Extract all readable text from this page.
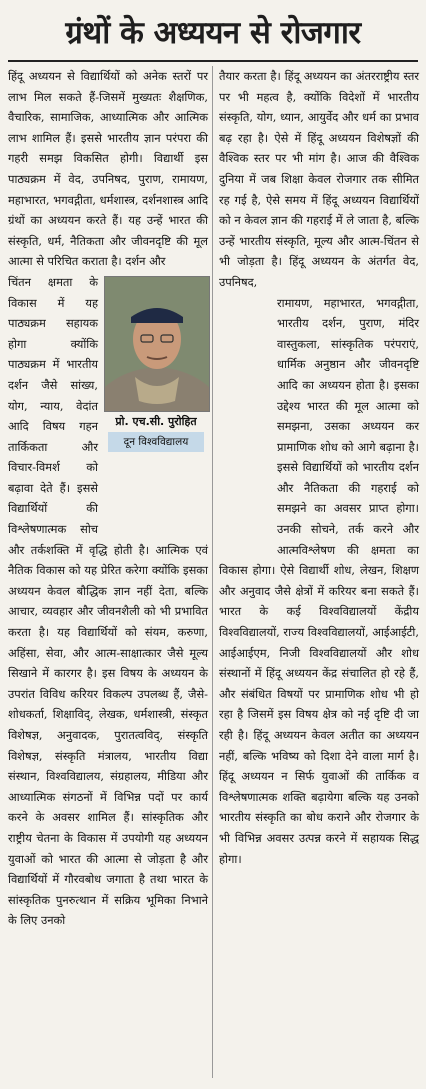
ग्रंथों के अध्ययन से रोजगार

हिंदू अध्ययन से विद्यार्थियों को अनेक स्तरों पर लाभ मिल सकते हैं-जिसमें मुख्यतः शैक्षणिक, वैचारिक, सामाजिक, आध्यात्मिक और आत्मिक लाभ शामिल हैं। इससे भारतीय ज्ञान परंपरा की गहरी समझ विकसित होगी। विद्यार्थी इस पाठ्यक्रम में वेद, उपनिषद, पुराण, रामायण, महाभारत, भगवद्गीता, धर्मशास्त्र, दर्शनशास्त्र आदि ग्रंथों का अध्ययन करते हैं। यह उन्हें भारत की संस्कृति, धर्म, नैतिकता और जीवनदृष्टि की मूल आत्मा से परिचित कराता है। दर्शन और

प्रो. एच.सी. पुरोहित
दून विश्वविद्यालय

चिंतन क्षमता के विकास में यह पाठ्यक्रम सहायक होगा क्योंकि पाठ्यक्रम में भारतीय दर्शन जैसे सांख्य, योग, न्याय, वेदांत आदि विषय गहन तार्किकता और विचार-विमर्श को बढ़ावा देते हैं। इससे विद्यार्थियों की विश्लेषणात्मक सोच और तर्कशक्ति में वृद्धि होती है। आत्मिक एवं नैतिक विकास को यह प्रेरित करेगा क्योंकि इसका अध्ययन केवल बौद्धिक ज्ञान नहीं देता, बल्कि आचार, व्यवहार और जीवनशैली को भी प्रभावित करता है। यह विद्यार्थियों को संयम, करुणा, अहिंसा, सेवा, और आत्म-साक्षात्कार जैसे मूल्य सिखाने में कारगर है। इस विषय के अध्ययन के उपरांत विविध करियर विकल्प उपलब्ध हैं, जैसे-शोधकर्ता, शिक्षाविद्, लेखक, धर्मशास्त्री, संस्कृत विशेषज्ञ, अनुवादक, पुरातत्वविद्, संस्कृति विशेषज्ञ, संस्कृति मंत्रालय, भारतीय विद्या संस्थान, विश्वविद्यालय, संग्रहालय, मीडिया और आध्यात्मिक संगठनों में विभिन्न पदों पर कार्य करने के अवसर शामिल हैं। सांस्कृतिक और राष्ट्रीय चेतना के विकास में उपयोगी यह अध्ययन युवाओं को भारत की आत्मा से जोड़ता है और विद्यार्थियों में गौरवबोध जगाता है तथा भारत के सांस्कृतिक पुनरुत्थान में सक्रिय भूमिका निभाने के लिए उनको

तैयार करता है। हिंदू अध्ययन का अंतरराष्ट्रीय स्तर पर भी महत्व है, क्योंकि विदेशों में भारतीय संस्कृति, योग, ध्यान, आयुर्वेद और धर्म का प्रभाव बढ़ रहा है। ऐसे में हिंदू अध्ययन विशेषज्ञों की वैश्विक स्तर पर भी मांग है। आज की वैश्विक दुनिया में जब शिक्षा केवल रोजगार तक सीमित रह गई है, ऐसे समय में हिंदू अध्ययन विद्यार्थियों को न केवल ज्ञान की गहराई में ले जाता है, बल्कि उन्हें भारतीय संस्कृति, मूल्य और आत्म-चिंतन से भी जोड़ता है। हिंदू अध्ययन के अंतर्गत वेद, उपनिषद,

रामायण, महाभारत, भगवद्गीता, भारतीय दर्शन, पुराण, मंदिर वास्तुकला, सांस्कृतिक परंपराएं, धार्मिक अनुष्ठान और जीवनदृष्टि आदि का अध्ययन होता है। इसका उद्देश्य भारत की मूल आत्मा को समझना, उसका अध्ययन कर प्रामाणिक शोध को आगे बढ़ाना है। इससे विद्यार्थियों को भारतीय दर्शन और नैतिकता की गहराई को समझने का अवसर प्राप्त होगा। उनकी सोचने, तर्क करने और आत्मविश्लेषण की क्षमता का विकास होगा। ऐसे विद्यार्थी शोध, लेखन, शिक्षण और अनुवाद जैसे क्षेत्रों में करियर बना सकते हैं। भारत के कई विश्वविद्यालयों केंद्रीय विश्वविद्यालयों, राज्य विश्वविद्यालयों, आईआईटी, आईआईएम, निजी विश्वविद्यालयों और शोध संस्थानों में हिंदू अध्ययन केंद्र संचालित हो रहे हैं, और संबंधित विषयों पर प्रामाणिक शोध भी हो रहा है जिसमें इस विषय क्षेत्र को नई दृष्टि दी जा रही है। हिंदू अध्ययन केवल अतीत का अध्ययन नहीं, बल्कि भविष्य को दिशा देने वाला मार्ग है। हिंदू अध्ययन न सिर्फ युवाओं की तार्किक व विश्लेषणात्मक शक्ति बढ़ायेगा बल्कि यह उनको भारतीय संस्कृति का बोध कराने और रोजगार के भी विभिन्न अवसर उत्पन्न करने में सहायक सिद्ध होगा।
